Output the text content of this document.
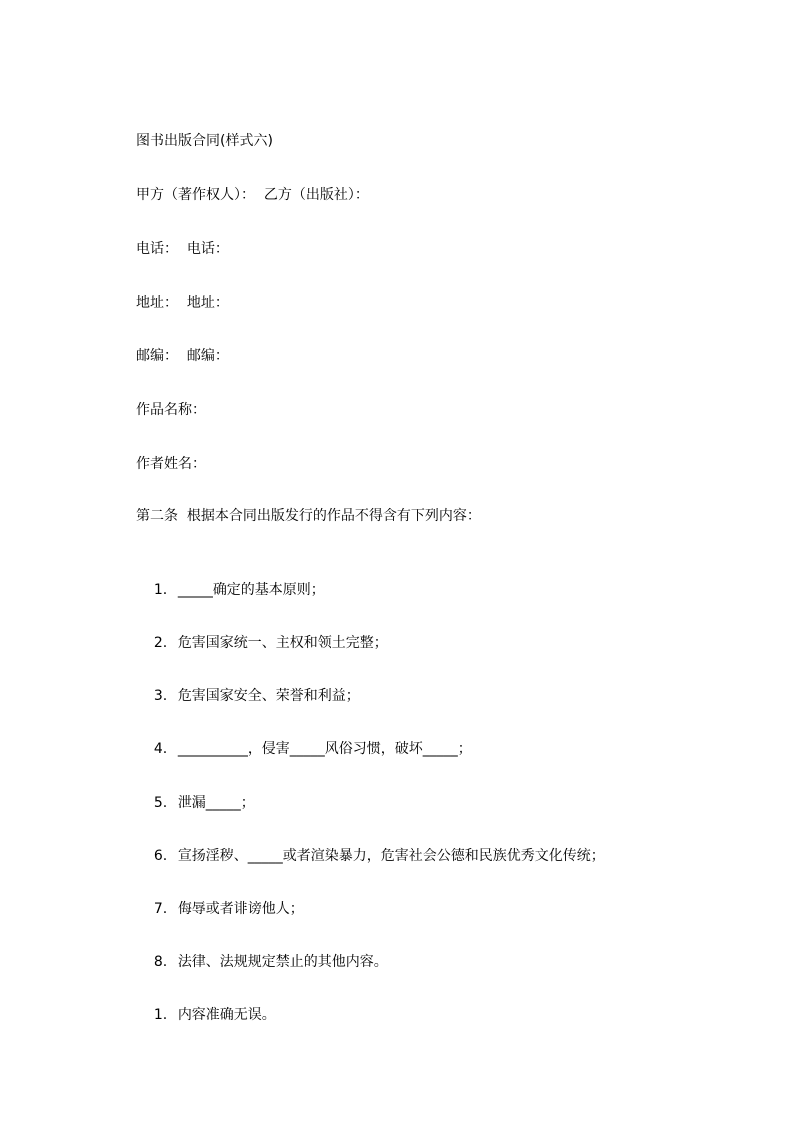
图书出版合同(样式六)
甲方（著作权人）：  乙方（出版社）：
电话：  电话：
地址：  地址：
邮编：  邮编：
作品名称：
作者姓名：
第二条  根据本合同出版发行的作品不得含有下列内容：

1. _____确定的基本原则；

2. 危害国家统一、主权和领土完整；

3. 危害国家安全、荣誉和利益；

4. __________，侵害_____风俗习惯，破坏_____；

5. 泄漏_____；

6. 宣扬淫秽、_____或者渲染暴力，危害社会公德和民族优秀文化传统；

7. 侮辱或者诽谤他人；

8. 法律、法规规定禁止的其他内容。

1. 内容准确无误。
